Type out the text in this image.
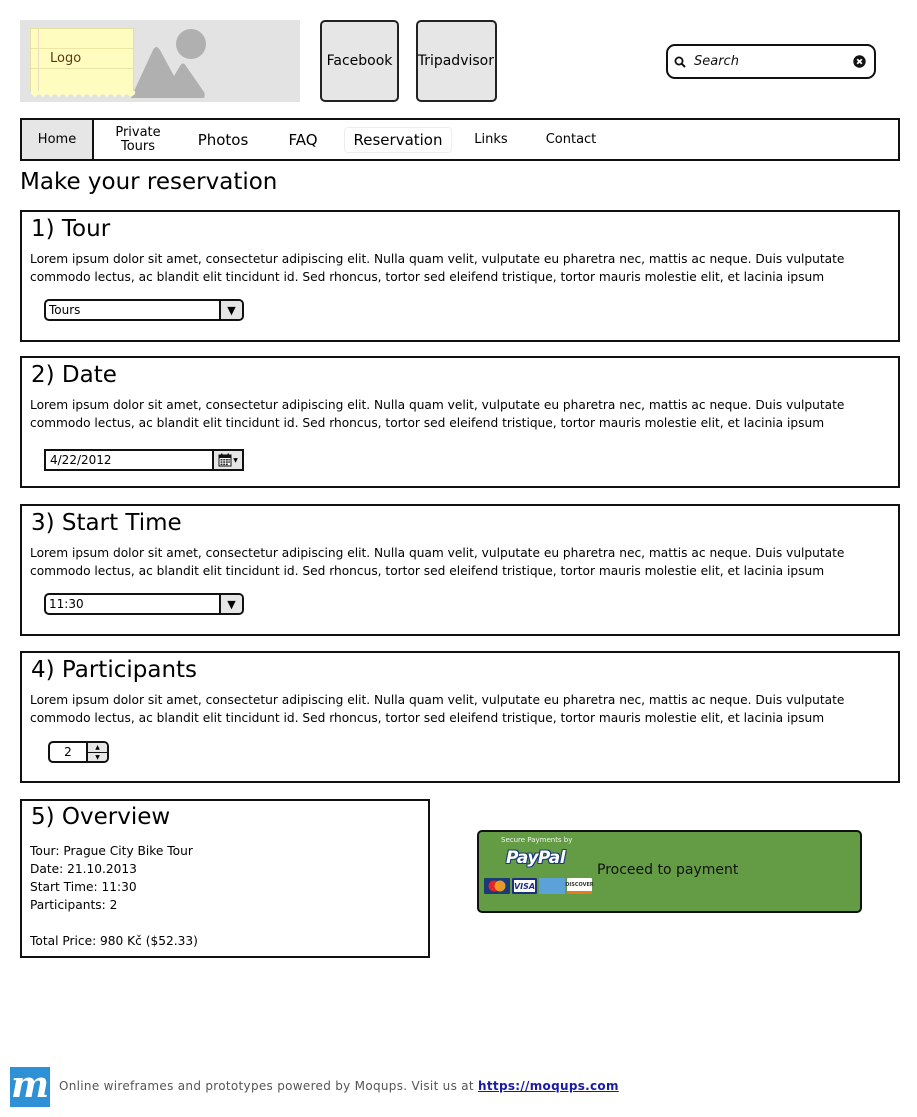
Logo	Facebook Tripadvisor
Search
Home	Private
Tours	Photos	FAQ Reservation Links	Contact
Make your reservation
1) Tour

Lorem ipsum dolor sit amet, consectetur adipiscing elit. Nulla quam velit, vulputate eu pharetra nec, mattis ac neque. Duis vulputate commodo lectus, ac blandit elit tincidunt id. Sed rhoncus, tortor sed eleifend tristique, tortor mauris molestie elit, et lacinia ipsum

Tours	▼
2) Date

Lorem ipsum dolor sit amet, consectetur adipiscing elit. Nulla quam velit, vulputate eu pharetra nec, mattis ac neque. Duis vulputate commodo lectus, ac blandit elit tincidunt id. Sed rhoncus, tortor sed eleifend tristique, tortor mauris molestie elit, et lacinia ipsum

4/22/2012	▼
3) Start Time

Lorem ipsum dolor sit amet, consectetur adipiscing elit. Nulla quam velit, vulputate eu pharetra nec, mattis ac neque. Duis vulputate commodo lectus, ac blandit elit tincidunt id. Sed rhoncus, tortor sed eleifend tristique, tortor mauris molestie elit, et lacinia ipsum

11:30	▼
4) Participants

Lorem ipsum dolor sit amet, consectetur adipiscing elit. Nulla quam velit, vulputate eu pharetra nec, mattis ac neque. Duis vulputate commodo lectus, ac blandit elit tincidunt id. Sed rhoncus, tortor sed eleifend tristique, tortor mauris molestie elit, et lacinia ipsum

2	▲
▼
5) Overview
Tour: Prague City Bike Tour
Date: 21.10.2013
Start Time: 11:30
Participants: 2
Total Price: 980 Kč ($52.33)
Secure Payments by
PayPal
VISA	DISCOVER
Proceed to payment
m Online wireframes and prototypes powered by Moqups. Visit us at https://moqups.com
